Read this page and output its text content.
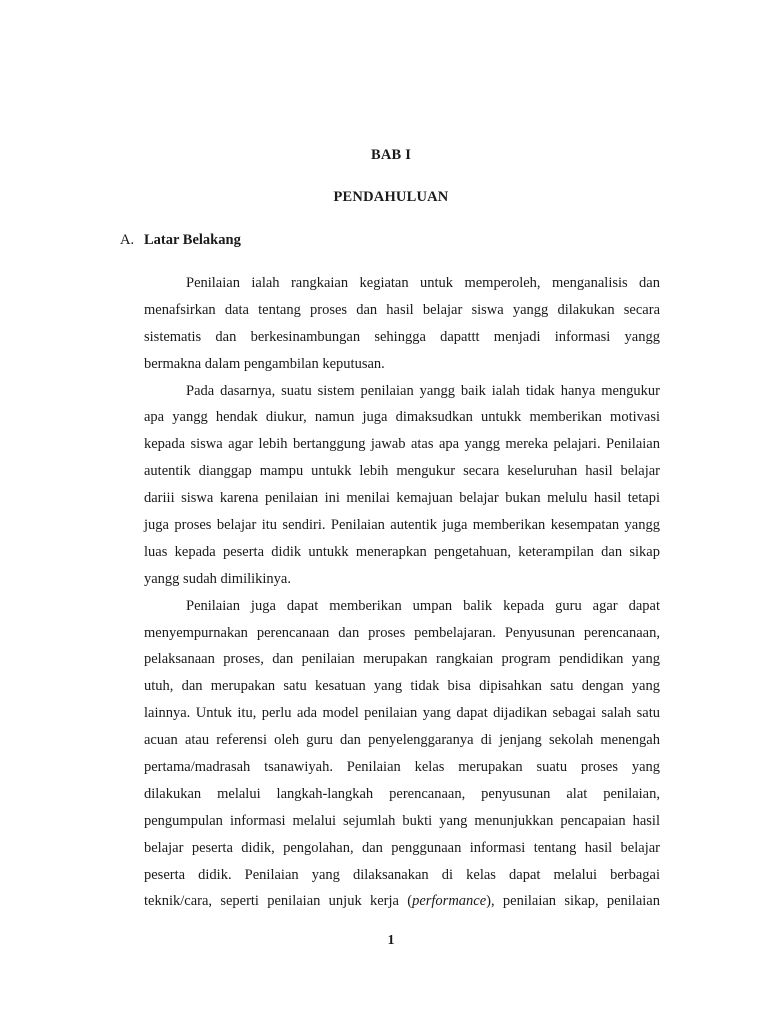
BAB I
PENDAHULUAN
A. Latar Belakang
Penilaian ialah rangkaian kegiatan untuk memperoleh, menganalisis dan
menafsirkan data tentang proses dan hasil belajar siswa yangg dilakukan secara
sistematis dan berkesinambungan sehingga dapattt menjadi informasi yangg
bermakna dalam pengambilan keputusan.
Pada dasarnya, suatu sistem penilaian yangg baik ialah tidak hanya mengukur
apa yangg hendak diukur, namun juga dimaksudkan untukk memberikan motivasi
kepada siswa agar lebih bertanggung jawab atas apa yangg mereka pelajari. Penilaian
autentik dianggap mampu untukk lebih mengukur secara keseluruhan hasil belajar
dariii siswa karena penilaian ini menilai kemajuan belajar bukan melulu hasil tetapi
juga proses belajar itu sendiri. Penilaian autentik juga memberikan kesempatan yangg
luas kepada peserta didik untukk menerapkan pengetahuan, keterampilan dan sikap
yangg sudah dimilikinya.
Penilaian juga dapat memberikan umpan balik kepada guru agar dapat
menyempurnakan perencanaan dan proses pembelajaran. Penyusunan perencanaan,
pelaksanaan proses, dan penilaian merupakan rangkaian program pendidikan yang
utuh, dan merupakan satu kesatuan yang tidak bisa dipisahkan satu dengan yang
lainnya. Untuk itu, perlu ada model penilaian yang dapat dijadikan sebagai salah satu
acuan atau referensi oleh guru dan penyelenggaranya di jenjang sekolah menengah
pertama/madrasah tsanawiyah. Penilaian kelas merupakan suatu proses yang
dilakukan melalui langkah-langkah perencanaan, penyusunan alat penilaian,
pengumpulan informasi melalui sejumlah bukti yang menunjukkan pencapaian hasil
belajar peserta didik, pengolahan, dan penggunaan informasi tentang hasil belajar
peserta didik. Penilaian yang dilaksanakan di kelas dapat melalui berbagai
teknik/cara, seperti penilaian unjuk kerja (performance), penilaian sikap, penilaian
1
